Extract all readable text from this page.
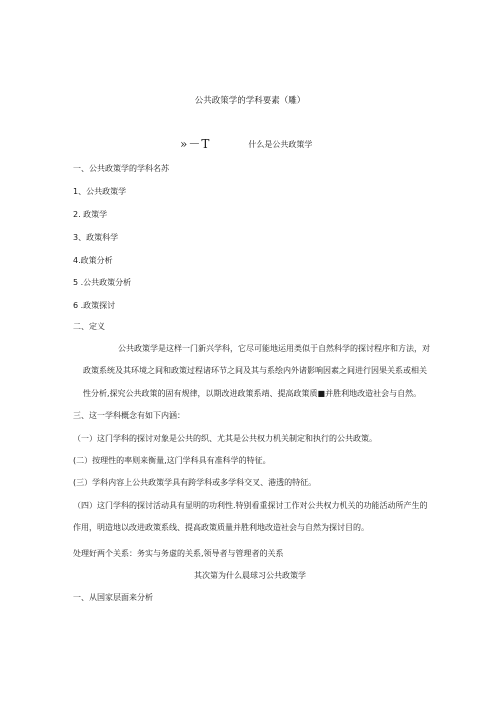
公共政策学的学科要素（雕）
»－T	什么是公共政策学
一、公共政策学的学科名苏
1、公共政策学
2. 政策学
3、政策科学
4.政策分析
5 .公共政策分析
6 .政策探讨
二、定义
公共政策学是这样一门新兴学科，它尽可能地运用类似于自然科学的探讨程序和方法，对
政策系统及其环境之间和政策过程诸环节之间及其与系绘内外诸影响因素之间进行因果关系或相关
性分析,探究公共政策的固有规律，以期改进政策系靖、提高政策质■并胜利地改造社会与自然。
三、这一学科概念有如下内涵：
（一）这门学科的探讨对象是公共的织、尤其是公共权力机关制定和执行的公共政策。
(二）按理性的率则来衡量,这门学科具有准科学的特征。
(三）学科内容上公共政策学具有跨学科或多学科交叉、港透的特征。
（四）这门学科的探讨活动具有显明的功利性.特别看重探讨工作对公共权力机关的功能活动所产生的
作用，明造地以改进政策系线、提高政策质量并胜利地改造社会与自然为探讨目的。
处理好两个关系：务实与务虚的关系,领导者与管理者的关系
其次第为什么晨球习公共政策学
一、从国家层面来分析
